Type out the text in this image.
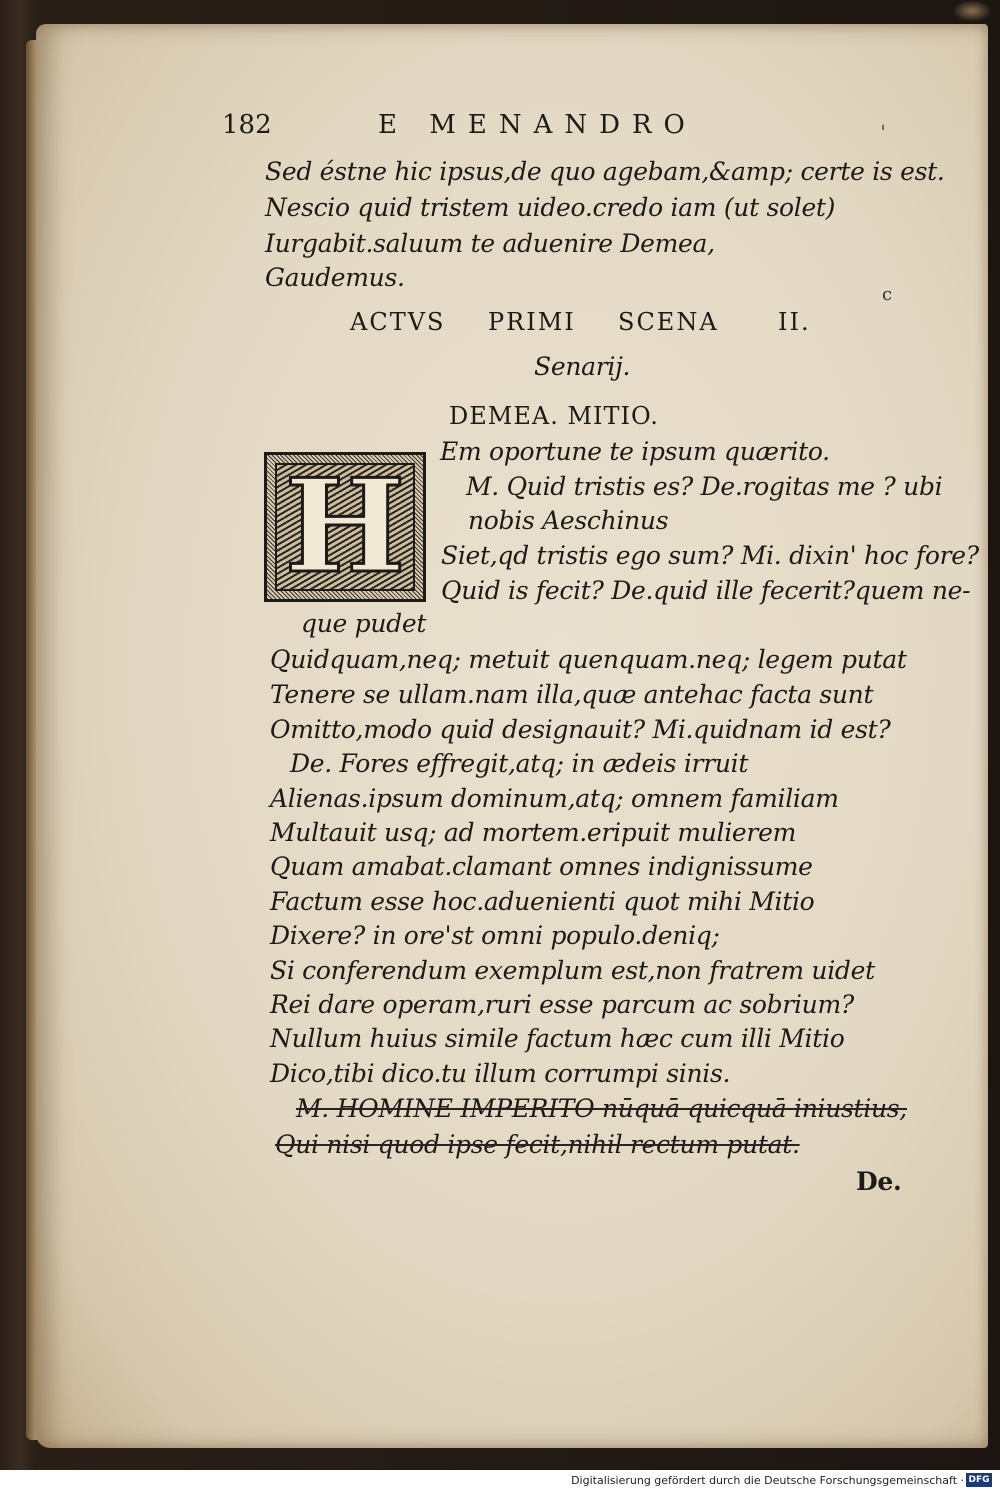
182	E MENANDRO	ˌ
Sed éstne hic ipsus,de quo agebam,&amp; certe is est.
Nescio quid tristem uideo.credo iam (ut solet)
Iurgabit.saluum te aduenire Demea,
Gaudemus.
c
ACTVS PRIMI SCENA II.
Senarij.
DEMEA. MITIO.
H
Em oportune te ipsum quærito.
M. Quid tristis es? De.rogitas me ? ubi
nobis Aeschinus
Siet,qd tristis ego sum? Mi. dixin' hoc fore?
Quid is fecit? De.quid ille fecerit?quem ne-
que pudet
Quidquam,neq; metuit quenquam.neq; legem putat
Tenere se ullam.nam illa,quæ antehac facta sunt
Omitto,modo quid designauit? Mi.quidnam id est?
De. Fores effregit,atq; in ædeis irruit
Alienas.ipsum dominum,atq; omnem familiam
Multauit usq; ad mortem.eripuit mulierem
Quam amabat.clamant omnes indignissume
Factum esse hoc.aduenienti quot mihi Mitio
Dixere? in ore'st omni populo.deniq;
Si conferendum exemplum est,non fratrem uidet
Rei dare operam,ruri esse parcum ac sobrium?
Nullum huius simile factum hæc cum illi Mitio
Dico,tibi dico.tu illum corrumpi sinis.
M. HOMINE IMPERITO nūquā quicquā iniustius,
Qui nisi quod ipse fecit,nihil rectum putat.
De.
Digitalisierung gefördert durch die Deutsche Forschungsgemeinschaft · DFG
